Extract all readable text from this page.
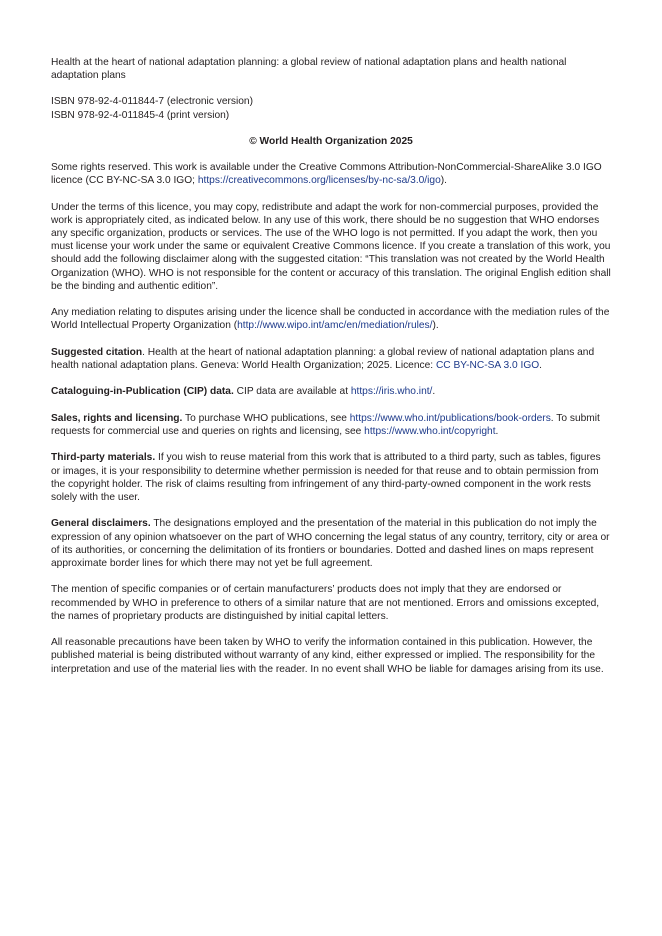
Health at the heart of national adaptation planning: a global review of national adaptation plans and health national adaptation plans

ISBN 978-92-4-011844-7 (electronic version)

ISBN 978-92-4-011845-4 (print version)

© World Health Organization 2025

Some rights reserved. This work is available under the Creative Commons Attribution-NonCommercial-ShareAlike 3.0 IGO licence (CC BY-NC-SA 3.0 IGO; https://creativecommons.org/licenses/by-nc-sa/3.0/igo).

Under the terms of this licence, you may copy, redistribute and adapt the work for non-commercial purposes, provided the work is appropriately cited, as indicated below. In any use of this work, there should be no suggestion that WHO endorses any specific organization, products or services. The use of the WHO logo is not permitted. If you adapt the work, then you must license your work under the same or equivalent Creative Commons licence. If you create a translation of this work, you should add the following disclaimer along with the suggested citation: “This translation was not created by the World Health Organization (WHO). WHO is not responsible for the content or accuracy of this translation. The original English edition shall be the binding and authentic edition”.

Any mediation relating to disputes arising under the licence shall be conducted in accordance with the mediation rules of the World Intellectual Property Organization (http://www.wipo.int/amc/en/mediation/rules/).

Suggested citation. Health at the heart of national adaptation planning: a global review of national adaptation plans and health national adaptation plans. Geneva: World Health Organization; 2025. Licence: CC BY-NC-SA 3.0 IGO.

Cataloguing-in-Publication (CIP) data. CIP data are available at https://iris.who.int/.

Sales, rights and licensing. To purchase WHO publications, see https://www.who.int/publications/book-orders. To submit requests for commercial use and queries on rights and licensing, see https://www.who.int/copyright.

Third-party materials. If you wish to reuse material from this work that is attributed to a third party, such as tables, figures or images, it is your responsibility to determine whether permission is needed for that reuse and to obtain permission from the copyright holder. The risk of claims resulting from infringement of any third-party-owned component in the work rests solely with the user.

General disclaimers. The designations employed and the presentation of the material in this publication do not imply the expression of any opinion whatsoever on the part of WHO concerning the legal status of any country, territory, city or area or of its authorities, or concerning the delimitation of its frontiers or boundaries. Dotted and dashed lines on maps represent approximate border lines for which there may not yet be full agreement.

The mention of specific companies or of certain manufacturers’ products does not imply that they are endorsed or recommended by WHO in preference to others of a similar nature that are not mentioned. Errors and omissions excepted, the names of proprietary products are distinguished by initial capital letters.

All reasonable precautions have been taken by WHO to verify the information contained in this publication. However, the published material is being distributed without warranty of any kind, either expressed or implied. The responsibility for the interpretation and use of the material lies with the reader. In no event shall WHO be liable for damages arising from its use.
